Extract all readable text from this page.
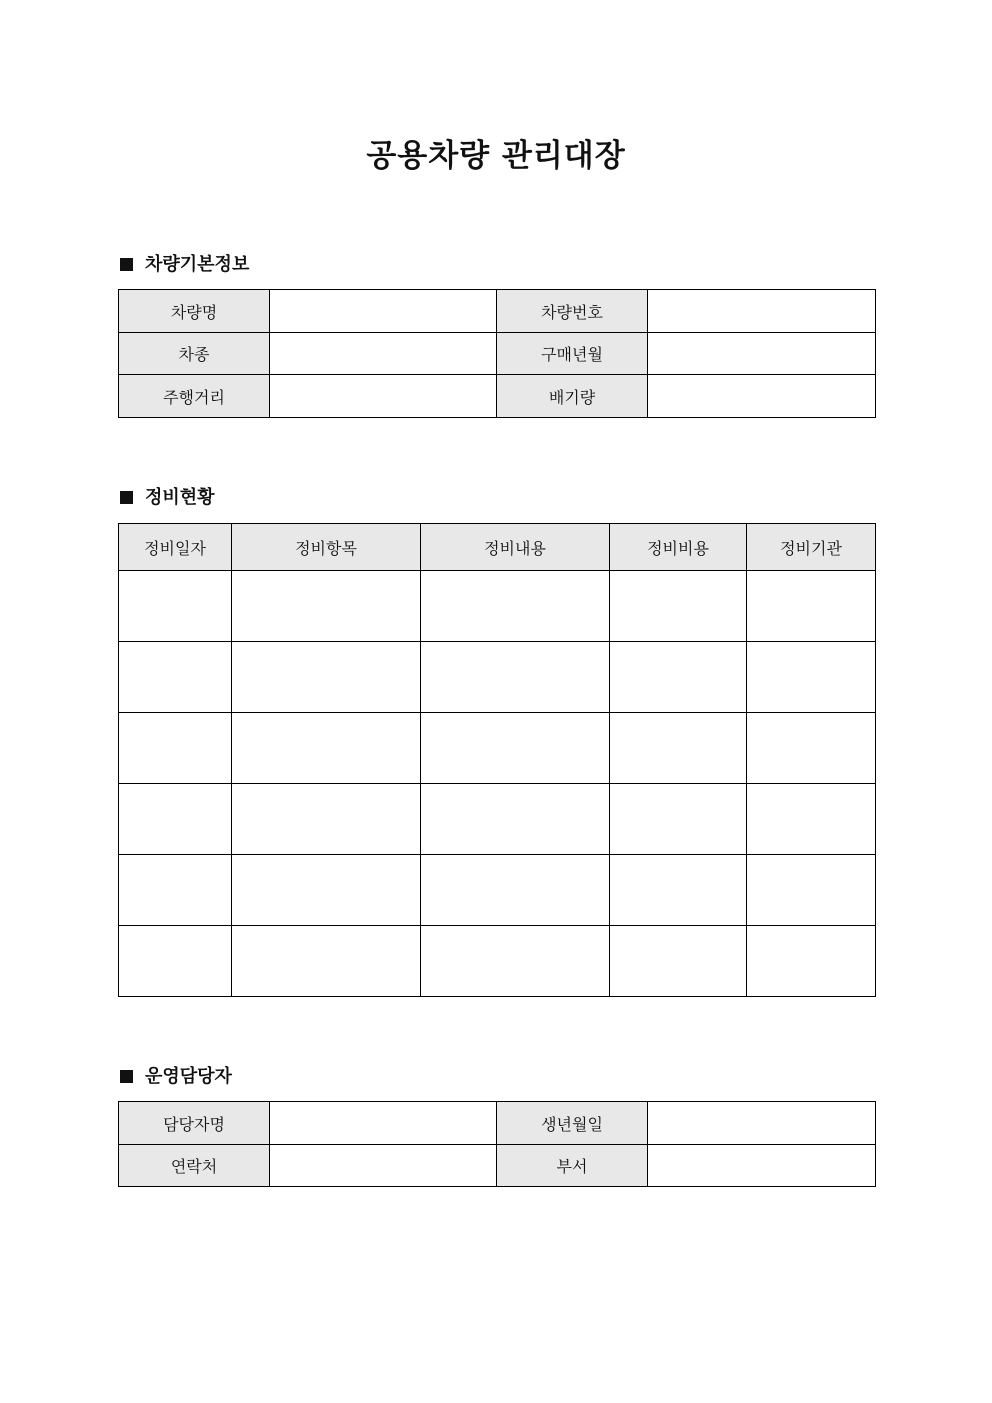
공용차량 관리대장
차량기본정보
차량명		차량번호	
차종		구매년월	
주행거리		배기량	
정비현황
정비일자	정비항목	정비내용	정비비용	정비기관

운영담당자
담당자명		생년월일	
연락처		부서	
